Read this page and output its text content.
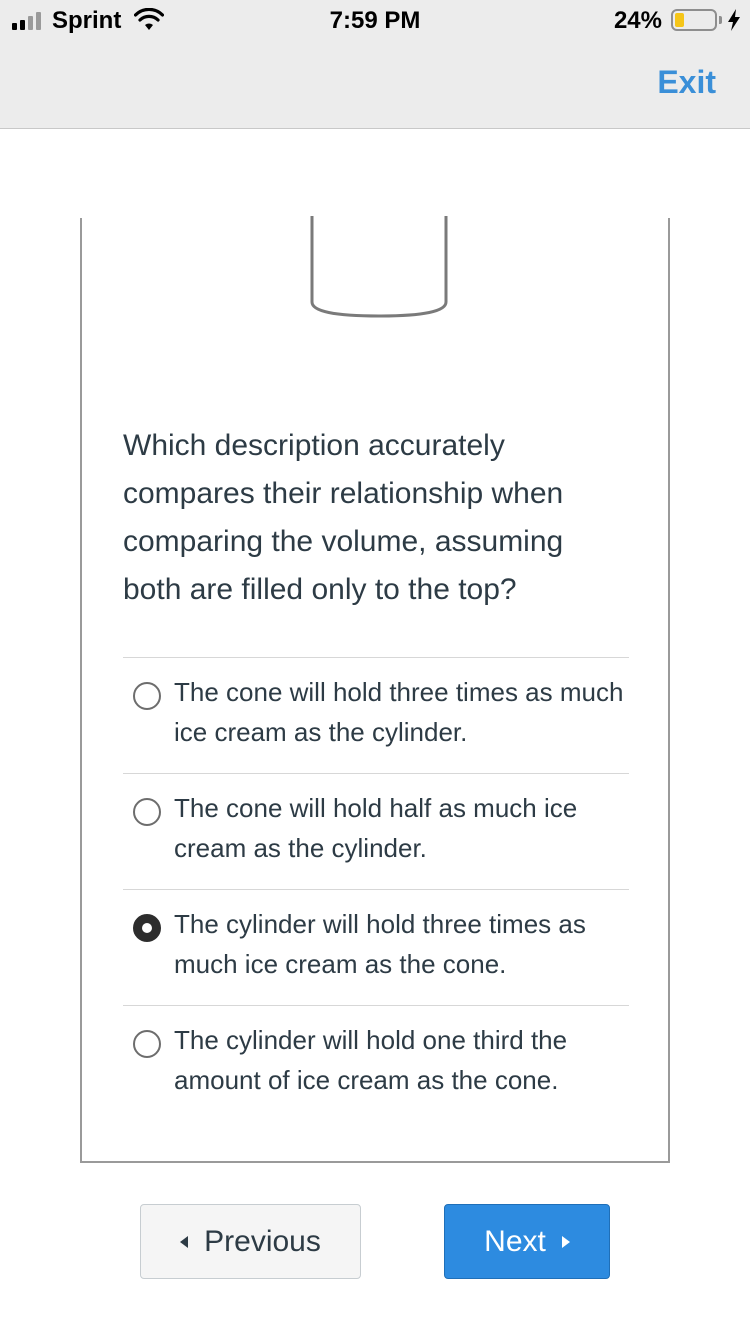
Sprint	7:59 PM	24%
Exit

Which description accurately compares their relationship when comparing the volume, assuming both are filled only to the top?

The cone will hold three times as much ice cream as the cylinder.
The cone will hold half as much ice cream as the cylinder.
The cylinder will hold three times as much ice cream as the cone.
The cylinder will hold one third the amount of ice cream as the cone.
Previous	Next
